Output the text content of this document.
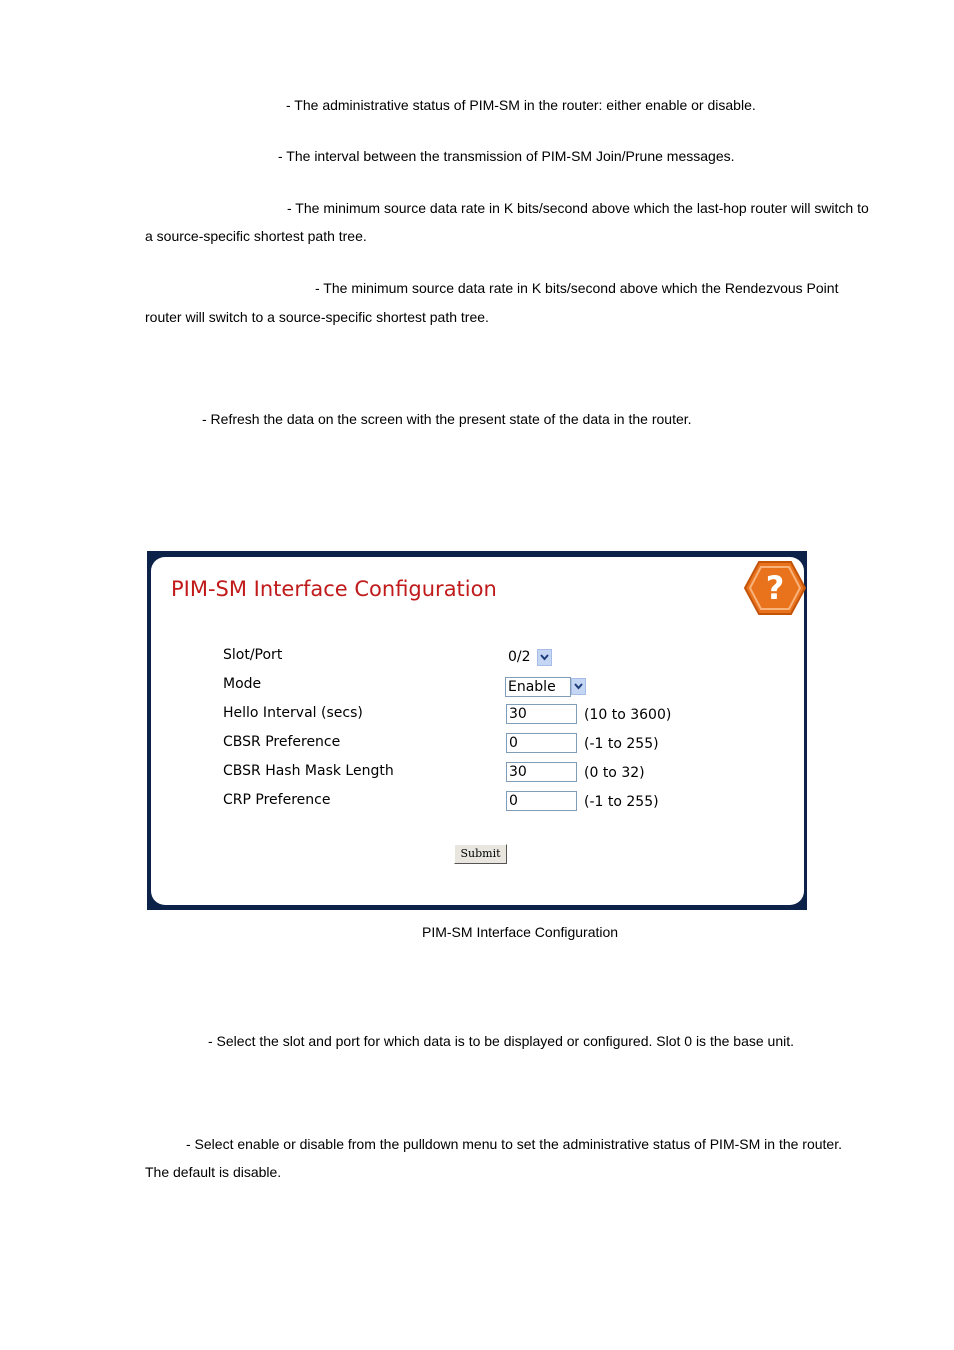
- The administrative status of PIM-SM in the router: either enable or disable.
- The interval between the transmission of PIM-SM Join/Prune messages.
- The minimum source data rate in K bits/second above which the last-hop router will switch to
a source-specific shortest path tree.
- The minimum source data rate in K bits/second above which the Rendezvous Point
router will switch to a source-specific shortest path tree.
- Refresh the data on the screen with the present state of the data in the router.
PIM-SM Interface Configuration	?
Slot/Port	0/2
Mode	Enable
Hello Interval (secs)	30	(10 to 3600)
CBSR Preference	0	(-1 to 255)
CBSR Hash Mask Length	30	(0 to 32)
CRP Preference	0	(-1 to 255)
Submit
PIM-SM Interface Configuration
- Select the slot and port for which data is to be displayed or configured. Slot 0 is the base unit.
- Select enable or disable from the pulldown menu to set the administrative status of PIM-SM in the router.
The default is disable.
